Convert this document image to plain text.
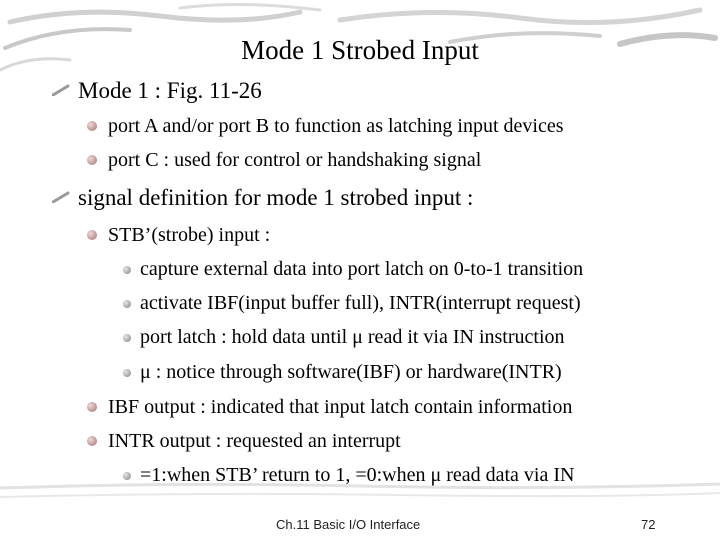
Mode 1 Strobed Input
Mode 1 : Fig. 11-26
port A and/or port B to function as latching input devices
port C : used for control or handshaking signal
signal definition for mode 1 strobed input :
STB’(strobe) input :
capture external data into port latch on 0-to-1 transition
activate IBF(input buffer full), INTR(interrupt request)
port latch : hold data until μ read it via IN instruction
μ : notice through software(IBF) or hardware(INTR)
IBF output : indicated that input latch contain information
INTR output : requested an interrupt
=1:when STB’ return to 1, =0:when μ read data via IN
Ch.11 Basic I/O Interface	72
